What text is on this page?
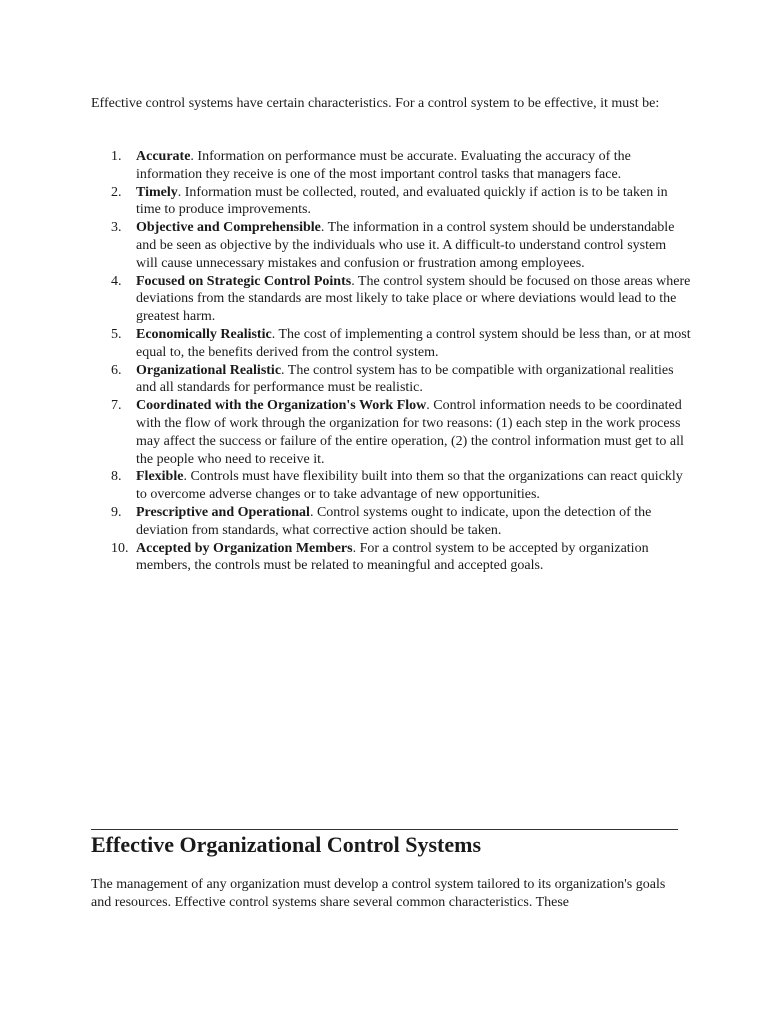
Effective control systems have certain characteristics. For a control system to be effective, it must be:

1.	Accurate. Information on performance must be accurate. Evaluating the accuracy of the information they receive is one of the most important control tasks that managers face.
2.	Timely. Information must be collected, routed, and evaluated quickly if action is to be taken in time to produce improvements.
3.	Objective and Comprehensible. The information in a control system should be understandable and be seen as objective by the individuals who use it. A difficult-to understand control system will cause unnecessary mistakes and confusion or frustration among employees.
4.	Focused on Strategic Control Points. The control system should be focused on those areas where deviations from the standards are most likely to take place or where deviations would lead to the greatest harm.
5.	Economically Realistic. The cost of implementing a control system should be less than, or at most equal to, the benefits derived from the control system.
6.	Organizational Realistic. The control system has to be compatible with organizational realities and all standards for performance must be realistic.
7.	Coordinated with the Organization's Work Flow. Control information needs to be coordinated with the flow of work through the organization for two reasons: (1) each step in the work process may affect the success or failure of the entire operation, (2) the control information must get to all the people who need to receive it.
8.	Flexible. Controls must have flexibility built into them so that the organizations can react quickly to overcome adverse changes or to take advantage of new opportunities.
9.	Prescriptive and Operational. Control systems ought to indicate, upon the detection of the deviation from standards, what corrective action should be taken.
10. Accepted by Organization Members. For a control system to be accepted by organization members, the controls must be related to meaningful and accepted goals.
Effective Organizational Control Systems

The management of any organization must develop a control system tailored to its organization's goals and resources. Effective control systems share several common characteristics. These
